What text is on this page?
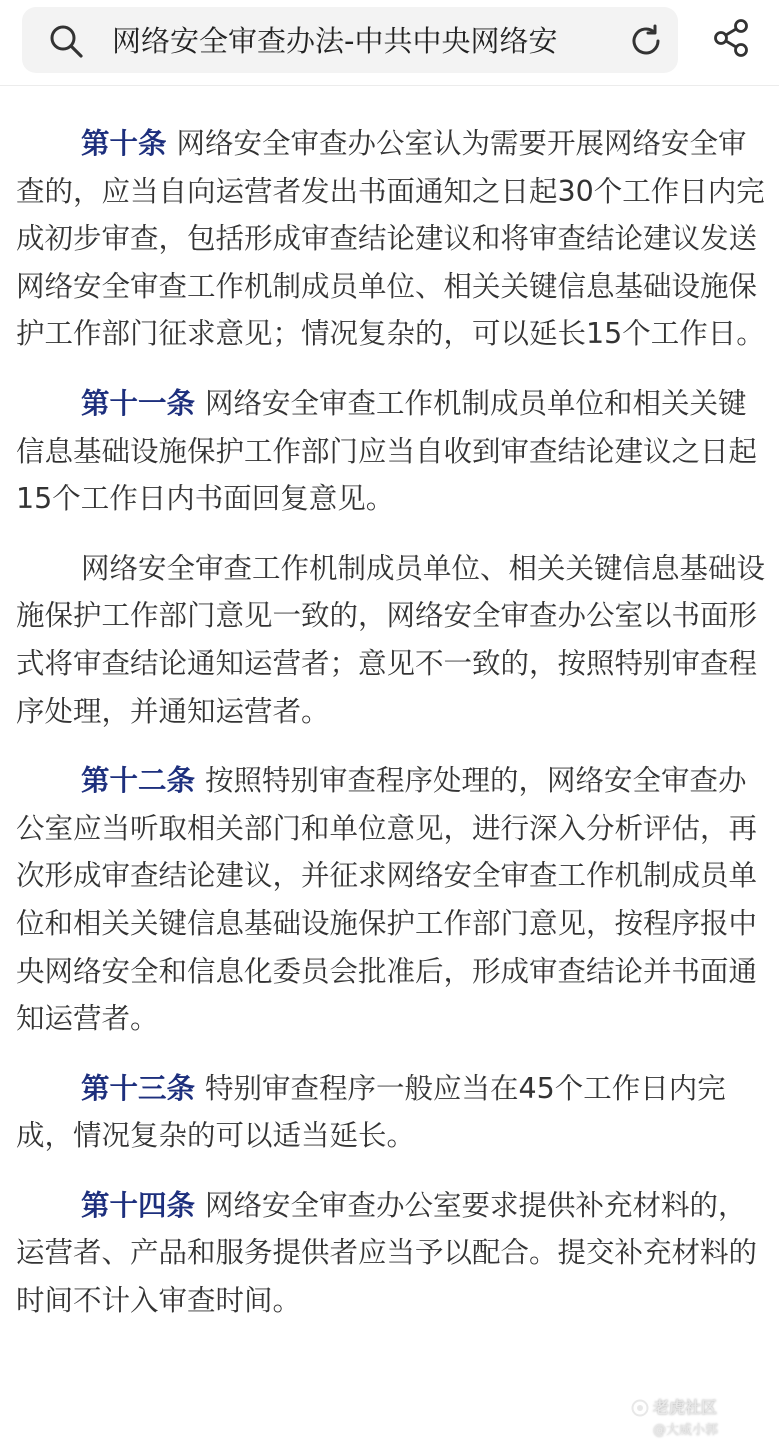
网络安全审查办法-中共中央网络安

第十条 网络安全审查办公室认为需要开展网络安全审查的，应当自向运营者发出书面通知之日起30个工作日内完成初步审查，包括形成审查结论建议和将审查结论建议发送网络安全审查工作机制成员单位、相关关键信息基础设施保护工作部门征求意见；情况复杂的，可以延长15个工作日。

第十一条 网络安全审查工作机制成员单位和相关关键信息基础设施保护工作部门应当自收到审查结论建议之日起15个工作日内书面回复意见。

网络安全审查工作机制成员单位、相关关键信息基础设施保护工作部门意见一致的，网络安全审查办公室以书面形式将审查结论通知运营者；意见不一致的，按照特别审查程序处理，并通知运营者。

第十二条 按照特别审查程序处理的，网络安全审查办公室应当听取相关部门和单位意见，进行深入分析评估，再次形成审查结论建议，并征求网络安全审查工作机制成员单位和相关关键信息基础设施保护工作部门意见，按程序报中央网络安全和信息化委员会批准后，形成审查结论并书面通知运营者。

第十三条 特别审查程序一般应当在45个工作日内完成，情况复杂的可以适当延长。

第十四条 网络安全审查办公室要求提供补充材料的，运营者、产品和服务提供者应当予以配合。提交补充材料的时间不计入审查时间。

老虎社区
@大威小郭
